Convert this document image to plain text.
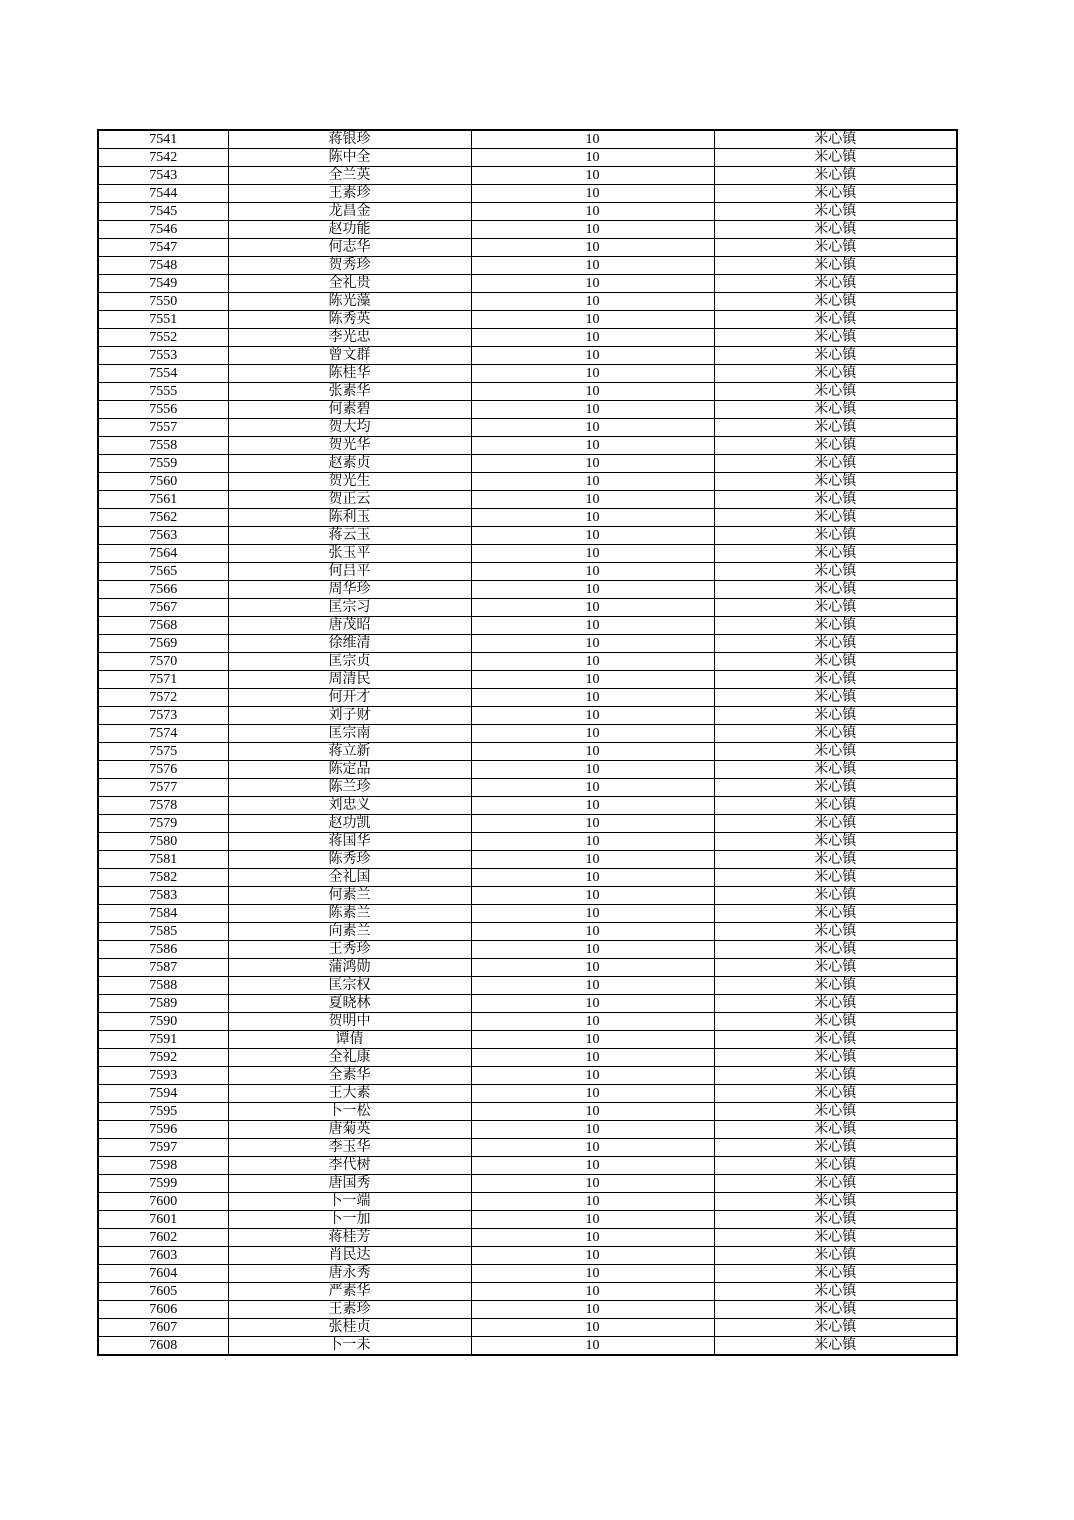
7541	蒋银珍	10	米心镇
7542	陈中全	10	米心镇
7543	全兰英	10	米心镇
7544	王素珍	10	米心镇
7545	龙昌金	10	米心镇
7546	赵功能	10	米心镇
7547	何志华	10	米心镇
7548	贺秀珍	10	米心镇
7549	全礼贵	10	米心镇
7550	陈光藻	10	米心镇
7551	陈秀英	10	米心镇
7552	李光忠	10	米心镇
7553	曾文群	10	米心镇
7554	陈桂华	10	米心镇
7555	张素华	10	米心镇
7556	何素碧	10	米心镇
7557	贺大均	10	米心镇
7558	贺光华	10	米心镇
7559	赵素贞	10	米心镇
7560	贺光生	10	米心镇
7561	贺正云	10	米心镇
7562	陈利玉	10	米心镇
7563	蒋云玉	10	米心镇
7564	张玉平	10	米心镇
7565	何吕平	10	米心镇
7566	周华珍	10	米心镇
7567	匡宗习	10	米心镇
7568	唐茂昭	10	米心镇
7569	徐维清	10	米心镇
7570	匡宗贞	10	米心镇
7571	周清民	10	米心镇
7572	何开才	10	米心镇
7573	刘子财	10	米心镇
7574	匡宗南	10	米心镇
7575	蒋立新	10	米心镇
7576	陈定品	10	米心镇
7577	陈兰珍	10	米心镇
7578	刘忠义	10	米心镇
7579	赵功凯	10	米心镇
7580	蒋国华	10	米心镇
7581	陈秀珍	10	米心镇
7582	全礼国	10	米心镇
7583	何素兰	10	米心镇
7584	陈素兰	10	米心镇
7585	向素兰	10	米心镇
7586	王秀珍	10	米心镇
7587	蒲鸿勋	10	米心镇
7588	匡宗权	10	米心镇
7589	夏晓林	10	米心镇
7590	贺明中	10	米心镇
7591	谭倩	10	米心镇
7592	全礼康	10	米心镇
7593	全素华	10	米心镇
7594	王大素	10	米心镇
7595	卜一松	10	米心镇
7596	唐菊英	10	米心镇
7597	李玉华	10	米心镇
7598	李代树	10	米心镇
7599	唐国秀	10	米心镇
7600	卜一端	10	米心镇
7601	卜一加	10	米心镇
7602	蒋桂芳	10	米心镇
7603	肖民达	10	米心镇
7604	唐永秀	10	米心镇
7605	严素华	10	米心镇
7606	王素珍	10	米心镇
7607	张桂贞	10	米心镇
7608	卜一未	10	米心镇
